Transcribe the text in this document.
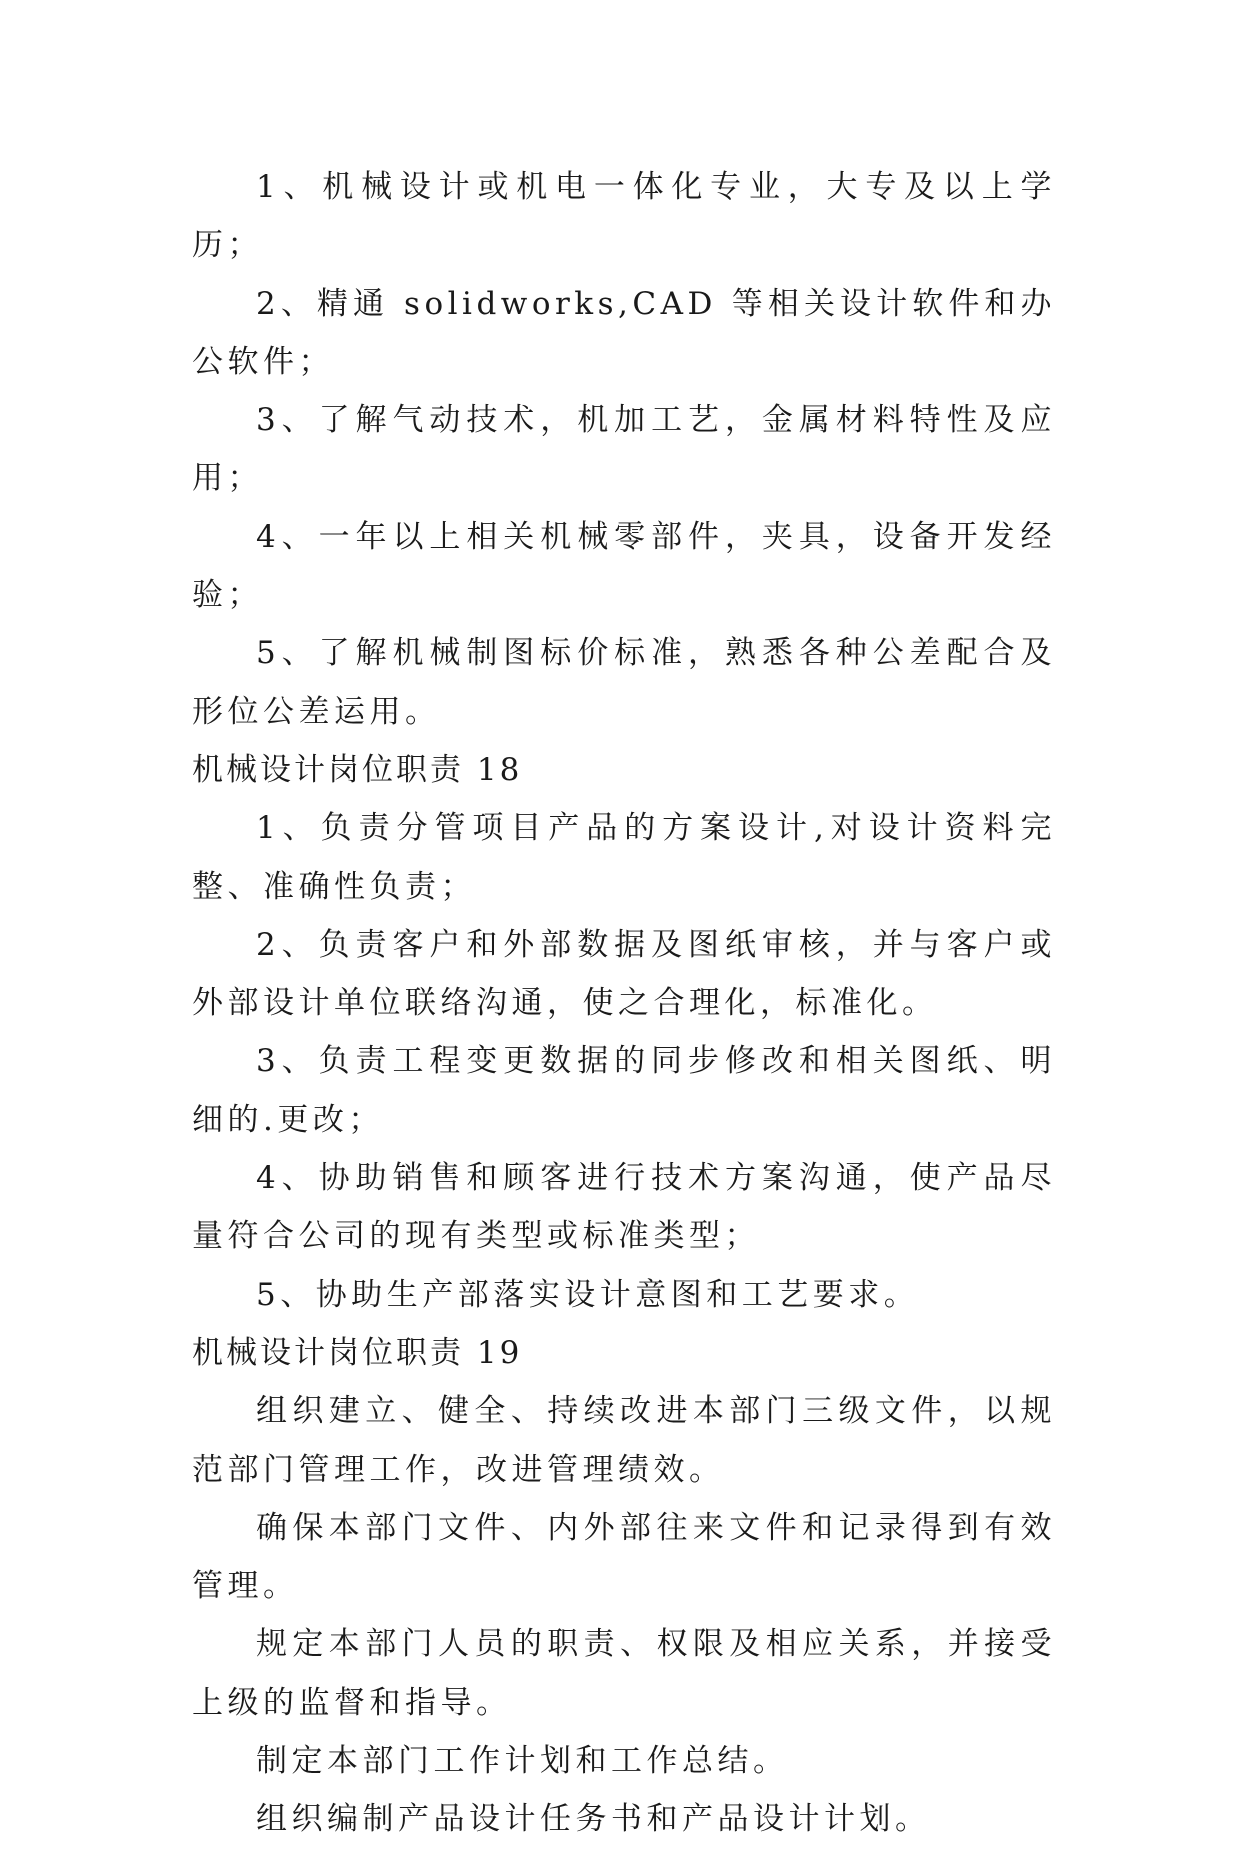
1、机械设计或机电一体化专业，大专及以上学历；

2、精通 solidworks,CAD 等相关设计软件和办公软件；

3、了解气动技术，机加工艺，金属材料特性及应用；

4、一年以上相关机械零部件，夹具，设备开发经验；

5、了解机械制图标价标准，熟悉各种公差配合及形位公差运用。

机械设计岗位职责 18

1、负责分管项目产品的方案设计,对设计资料完整、准确性负责；

2、负责客户和外部数据及图纸审核，并与客户或外部设计单位联络沟通，使之合理化，标准化。

3、负责工程变更数据的同步修改和相关图纸、明细的.更改；

4、协助销售和顾客进行技术方案沟通，使产品尽量符合公司的现有类型或标准类型；

5、协助生产部落实设计意图和工艺要求。

机械设计岗位职责 19

组织建立、健全、持续改进本部门三级文件，以规范部门管理工作，改进管理绩效。

确保本部门文件、内外部往来文件和记录得到有效管理。

规定本部门人员的职责、权限及相应关系，并接受上级的监督和指导。

制定本部门工作计划和工作总结。

组织编制产品设计任务书和产品设计计划。
